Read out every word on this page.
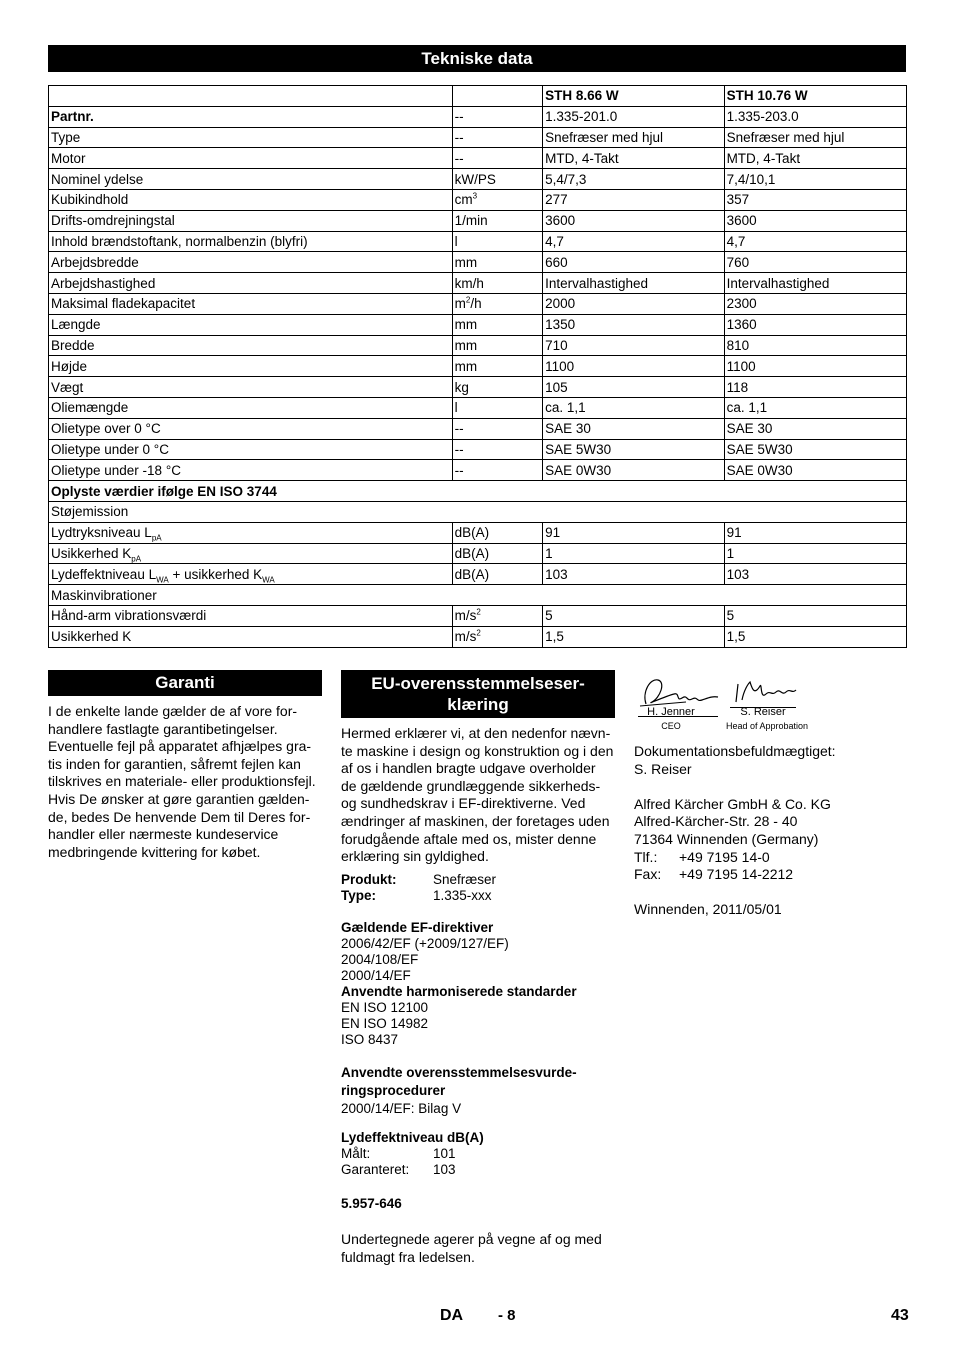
Tekniske data
		STH 8.66 W	STH 10.76 W
Partnr.	--	1.335-201.0	1.335-203.0
Type	--	Snefræser med hjul	Snefræser med hjul
Motor	--	MTD, 4-Takt	MTD, 4-Takt
Nominel ydelse	kW/PS	5,4/7,3	7,4/10,1
Kubikindhold	$cm^3$	277	357
Drifts-omdrejningstal	1/min	3600	3600
Inhold brændstoftank, normalbenzin (blyfri)	l	4,7	4,7
Arbejdsbredde	mm	660	760
Arbejdshastighed	km/h	Intervalhastighed	Intervalhastighed
Maksimal fladekapacitet	$m^2/h$	2000	2300
Længde	mm	1350	1360
Bredde	mm	710	810
Højde	mm	1100	1100
Vægt	kg	105	118
Oliemængde	l	ca. 1,1	ca. 1,1
Olietype over 0 °C	--	SAE 30	SAE 30
Olietype under 0 °C	--	SAE 5W30	SAE 5W30
Olietype under -18 °C	--	SAE 0W30	SAE 0W30
Oplyste værdier ifølge EN ISO 3744			
Støjemission			
Lydtryksniveau $L_{pA}$	dB(A)	91	91
Usikkerhed $K_{pA}$	dB(A)	1	1
Lydeffektniveau $L_{WA}$ + usikkerhed $K_{WA}$	dB(A)	103	103
Maskinvibrationer			
Hånd-arm vibrationsværdi	$m/s^2$	5	5
Usikkerhed K	$m/s^2$	1,5	1,5
Garanti
I de enkelte lande gælder de af vore for-
handlere fastlagte garantibetingelser.
Eventuelle fejl på apparatet afhjælpes gra-
tis inden for garantien, såfremt fejlen kan
tilskrives en materiale- eller produktionsfejl.
Hvis De ønsker at gøre garantien gælden-
de, bedes De henvende Dem til Deres for-
handler eller nærmeste kundeservice
medbringende kvittering for købet.
EU-overensstemmelseser-
klæring
Hermed erklærer vi, at den nedenfor nævn-
te maskine i design og konstruktion og i den
af os i handlen bragte udgave overholder
de gældende grundlæggende sikkerheds-
og sundhedskrav i EF-direktiverne. Ved
ændringer af maskinen, der foretages uden
forudgående aftale med os, mister denne
erklæring sin gyldighed.
Produkt:	Snefræser
Type:	1.335-xxx
Gældende EF-direktiver
2006/42/EF (+2009/127/EF)
2004/108/EF
2000/14/EF
Anvendte harmoniserede standarder
EN ISO 12100
EN ISO 14982
ISO 8437
Anvendte overensstemmelsesvurde-
ringsprocedurer
2000/14/EF: Bilag V
Lydeffektniveau dB(A)
Målt:	101
Garanteret: 103
5.957-646
Undertegnede agerer på vegne af og med
fuldmagt fra ledelsen.
H. Jenner
CEO
S. Reiser
Head of Approbation
Dokumentationsbefuldmægtiget:
S. Reiser
Alfred Kärcher GmbH & Co. KG
Alfred-Kärcher-Str. 28 - 40
71364 Winnenden (Germany)
Tlf.: +49 7195 14-0
Fax: +49 7195 14-2212
Winnenden, 2011/05/01
DA - 8	43
